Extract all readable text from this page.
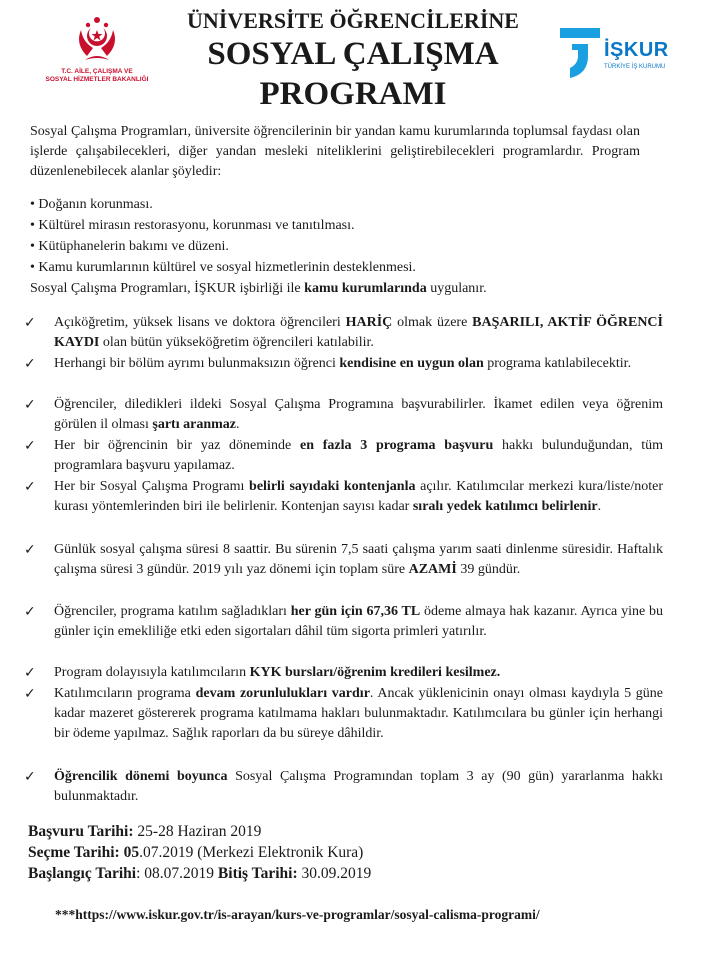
T.C. AİLE, ÇALIŞMA VE
SOSYAL HİZMETLER BAKANLIĞI
İŞKUR
TÜRKİYE İŞ KURUMU
ÜNİVERSİTE ÖĞRENCİLERİNE
SOSYAL ÇALIŞMA
PROGRAMI
Sosyal Çalışma Programları, üniversite öğrencilerinin bir yandan kamu kurumlarında toplumsal faydası olan işlerde çalışabilecekleri, diğer yandan mesleki niteliklerini geliştirebilecekleri programlardır. Program düzenlenebilecek alanlar şöyledir:
• Doğanın korunması.
• Kültürel mirasın restorasyonu, korunması ve tanıtılması.
• Kütüphanelerin bakımı ve düzeni.
• Kamu kurumlarının kültürel ve sosyal hizmetlerinin desteklenmesi.
Sosyal Çalışma Programları, İŞKUR işbirliği ile kamu kurumlarında uygulanır.
✓	Açıköğretim, yüksek lisans ve doktora öğrencileri HARİÇ olmak üzere BAŞARILI, AKTİF ÖĞRENCİ KAYDI olan bütün yükseköğretim öğrencileri katılabilir.
✓	Herhangi bir bölüm ayrımı bulunmaksızın öğrenci kendisine en uygun olan programa katılabilecektir.
✓	Öğrenciler, diledikleri ildeki Sosyal Çalışma Programına başvurabilirler. İkamet edilen veya öğrenim görülen il olması şartı aranmaz.
✓	Her bir öğrencinin bir yaz döneminde en fazla 3 programa başvuru hakkı bulunduğundan, tüm programlara başvuru yapılamaz.
✓	Her bir Sosyal Çalışma Programı belirli sayıdaki kontenjanla açılır. Katılımcılar merkezi kura/liste/noter kurası yöntemlerinden biri ile belirlenir. Kontenjan sayısı kadar sıralı yedek katılımcı belirlenir.
✓	Günlük sosyal çalışma süresi 8 saattir. Bu sürenin 7,5 saati çalışma yarım saati dinlenme süresidir. Haftalık çalışma süresi 3 gündür. 2019 yılı yaz dönemi için toplam süre AZAMİ 39 gündür.
✓	Öğrenciler, programa katılım sağladıkları her gün için 67,36 TL ödeme almaya hak kazanır. Ayrıca yine bu günler için emekliliğe etki eden sigortaları dâhil tüm sigorta primleri yatırılır.
✓	Program dolayısıyla katılımcıların KYK bursları/öğrenim kredileri kesilmez.
✓	Katılımcıların programa devam zorunlulukları vardır. Ancak yüklenicinin onayı olması kaydıyla 5 güne kadar mazeret göstererek programa katılmama hakları bulunmaktadır. Katılımcılara bu günler için herhangi bir ödeme yapılmaz. Sağlık raporları da bu süreye dâhildir.
✓	Öğrencilik dönemi boyunca Sosyal Çalışma Programından toplam 3 ay (90 gün) yararlanma hakkı bulunmaktadır.
Başvuru Tarihi: 25-28 Haziran 2019
Seçme Tarihi: 05.07.2019 (Merkezi Elektronik Kura)
Başlangıç Tarihi: 08.07.2019 Bitiş Tarihi: 30.09.2019
***https://www.iskur.gov.tr/is-arayan/kurs-ve-programlar/sosyal-calisma-programi/
